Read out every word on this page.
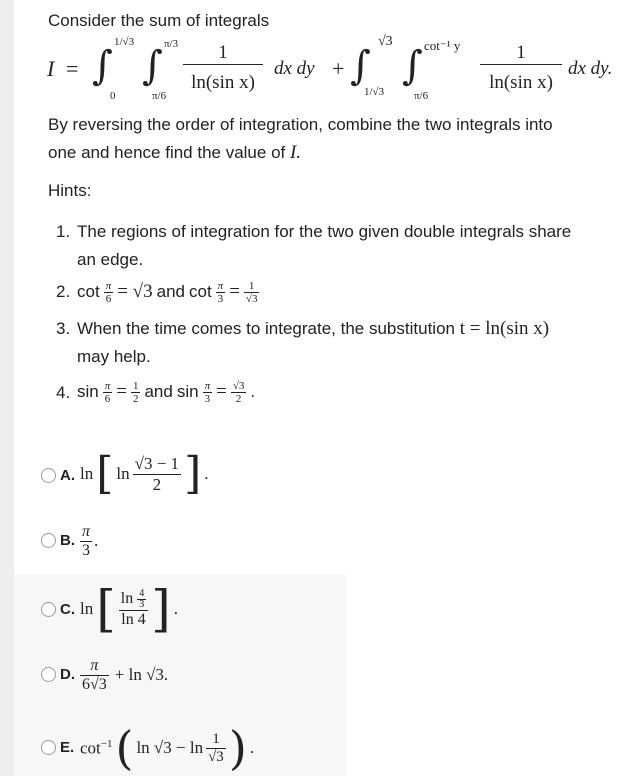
Consider the sum of integrals
I = ∫
1/√3
0
∫ π/3
π/6
1
ln(sin x)
dx dy + ∫
√3
1/√3
∫ cot⁻¹ y
π/6
1
ln(sin x)
dx dy.
By reversing the order of integration, combine the two integrals into
one and hence find the value of I.
Hints:
1. The regions of integration for the two given double integrals share
an edge.
2. $\cot \frac{\pi}{6} = √3$ and $\cot \frac{\pi}{3} = \frac{1}{√3}$
3. When the time comes to integrate, the substitution t = ln(sin x)
may help.
4. $\sin \frac{\pi}{6} = \frac{1}{2}$ and $\sin \frac{\pi}{3} = \frac{√3}{2}$ .
A. ln [ $\ln \frac{√3 - 1}{2}$ ] .
B. $\frac{\pi}{3}$ .
C. ln [ $\frac{\ln \frac{4}{3}}{\ln 4}$ ] .
D. $\frac{\pi}{6√3} + \ln √3$.
E. $\cot^{-1}$ ( $\ln √3 - \ln \frac{1}{√3}$ ) .
